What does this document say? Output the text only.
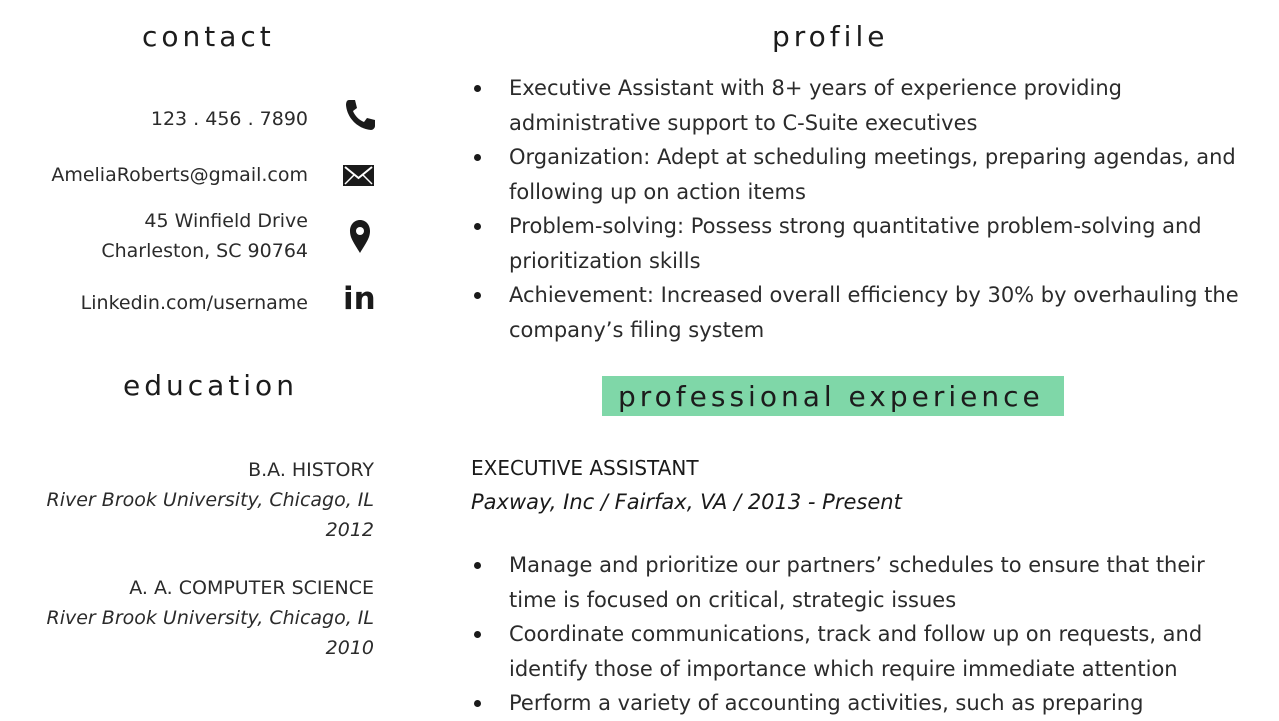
contact
123 . 456 . 7890
AmeliaRoberts@gmail.com
45 Winfield Drive
Charleston, SC 90764
Linkedin.com/username in
education
B.A. HISTORY
River Brook University, Chicago, IL
2012
A. A. COMPUTER SCIENCE
River Brook University, Chicago, IL
2010
profile
Executive Assistant with 8+ years of experience providing
administrative support to C-Suite executives
Organization: Adept at scheduling meetings, preparing agendas, and
following up on action items
Problem-solving: Possess strong quantitative problem-solving and
prioritization skills
Achievement: Increased overall efficiency by 30% by overhauling the
company’s filing system
professional experience
EXECUTIVE ASSISTANT
Paxway, Inc / Fairfax, VA / 2013 - Present
Manage and prioritize our partners’ schedules to ensure that their
time is focused on critical, strategic issues
Coordinate communications, track and follow up on requests, and
identify those of importance which require immediate attention
Perform a variety of accounting activities, such as preparing
